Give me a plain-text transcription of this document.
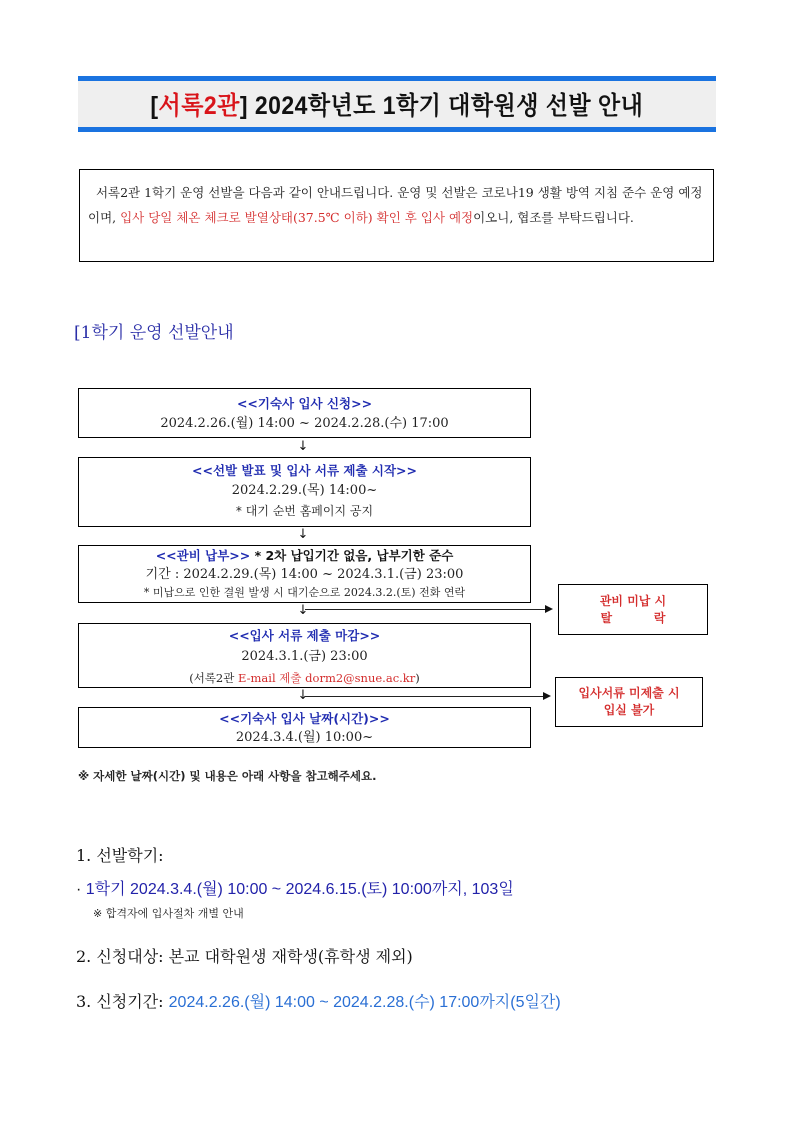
[서록2관] 2024학년도 1학기 대학원생 선발 안내
서록2관 1학기 운영 선발을 다음과 같이 안내드립니다. 운영 및 선발은 코로나19 생활 방역 지침 준수 운영 예정이며, 입사 당일 체온 체크로 발열상태(37.5℃ 이하) 확인 후 입사 예정이오니, 협조를 부탁드립니다.
[1학기 운영 선발안내
<<기숙사 입사 신청>>
2024.2.26.(월) 14:00 ~ 2024.2.28.(수) 17:00
↓
<<선발 발표 및 입사 서류 제출 시작>>
2024.2.29.(목) 14:00~
* 대기 순번 홈페이지 공지
↓
<<관비 납부>> * 2차 납입기간 없음, 납부기한 준수
기간 : 2024.2.29.(목) 14:00 ~ 2024.3.1.(금) 23:00
* 미납으로 인한 결원 발생 시 대기순으로 2024.3.2.(토) 전화 연락
↓
관비 미납 시
탈          락
<<입사 서류 제출 마감>>
2024.3.1.(금) 23:00
(서록2관 E-mail 제출 dorm2@snue.ac.kr)
↓	입사서류 미제출 시
입실 불가
<<기숙사 입사 날짜(시간)>>
2024.3.4.(월) 10:00~
※ 자세한 날짜(시간) 및 내용은 아래 사항을 참고해주세요.
1. 선발학기:
· 1학기 2024.3.4.(월) 10:00 ~ 2024.6.15.(토) 10:00까지, 103일
※ 합격자에 입사절차 개별 안내
2. 신청대상: 본교 대학원생 재학생(휴학생 제외)
3. 신청기간: 2024.2.26.(월) 14:00 ~ 2024.2.28.(수) 17:00까지(5일간)
